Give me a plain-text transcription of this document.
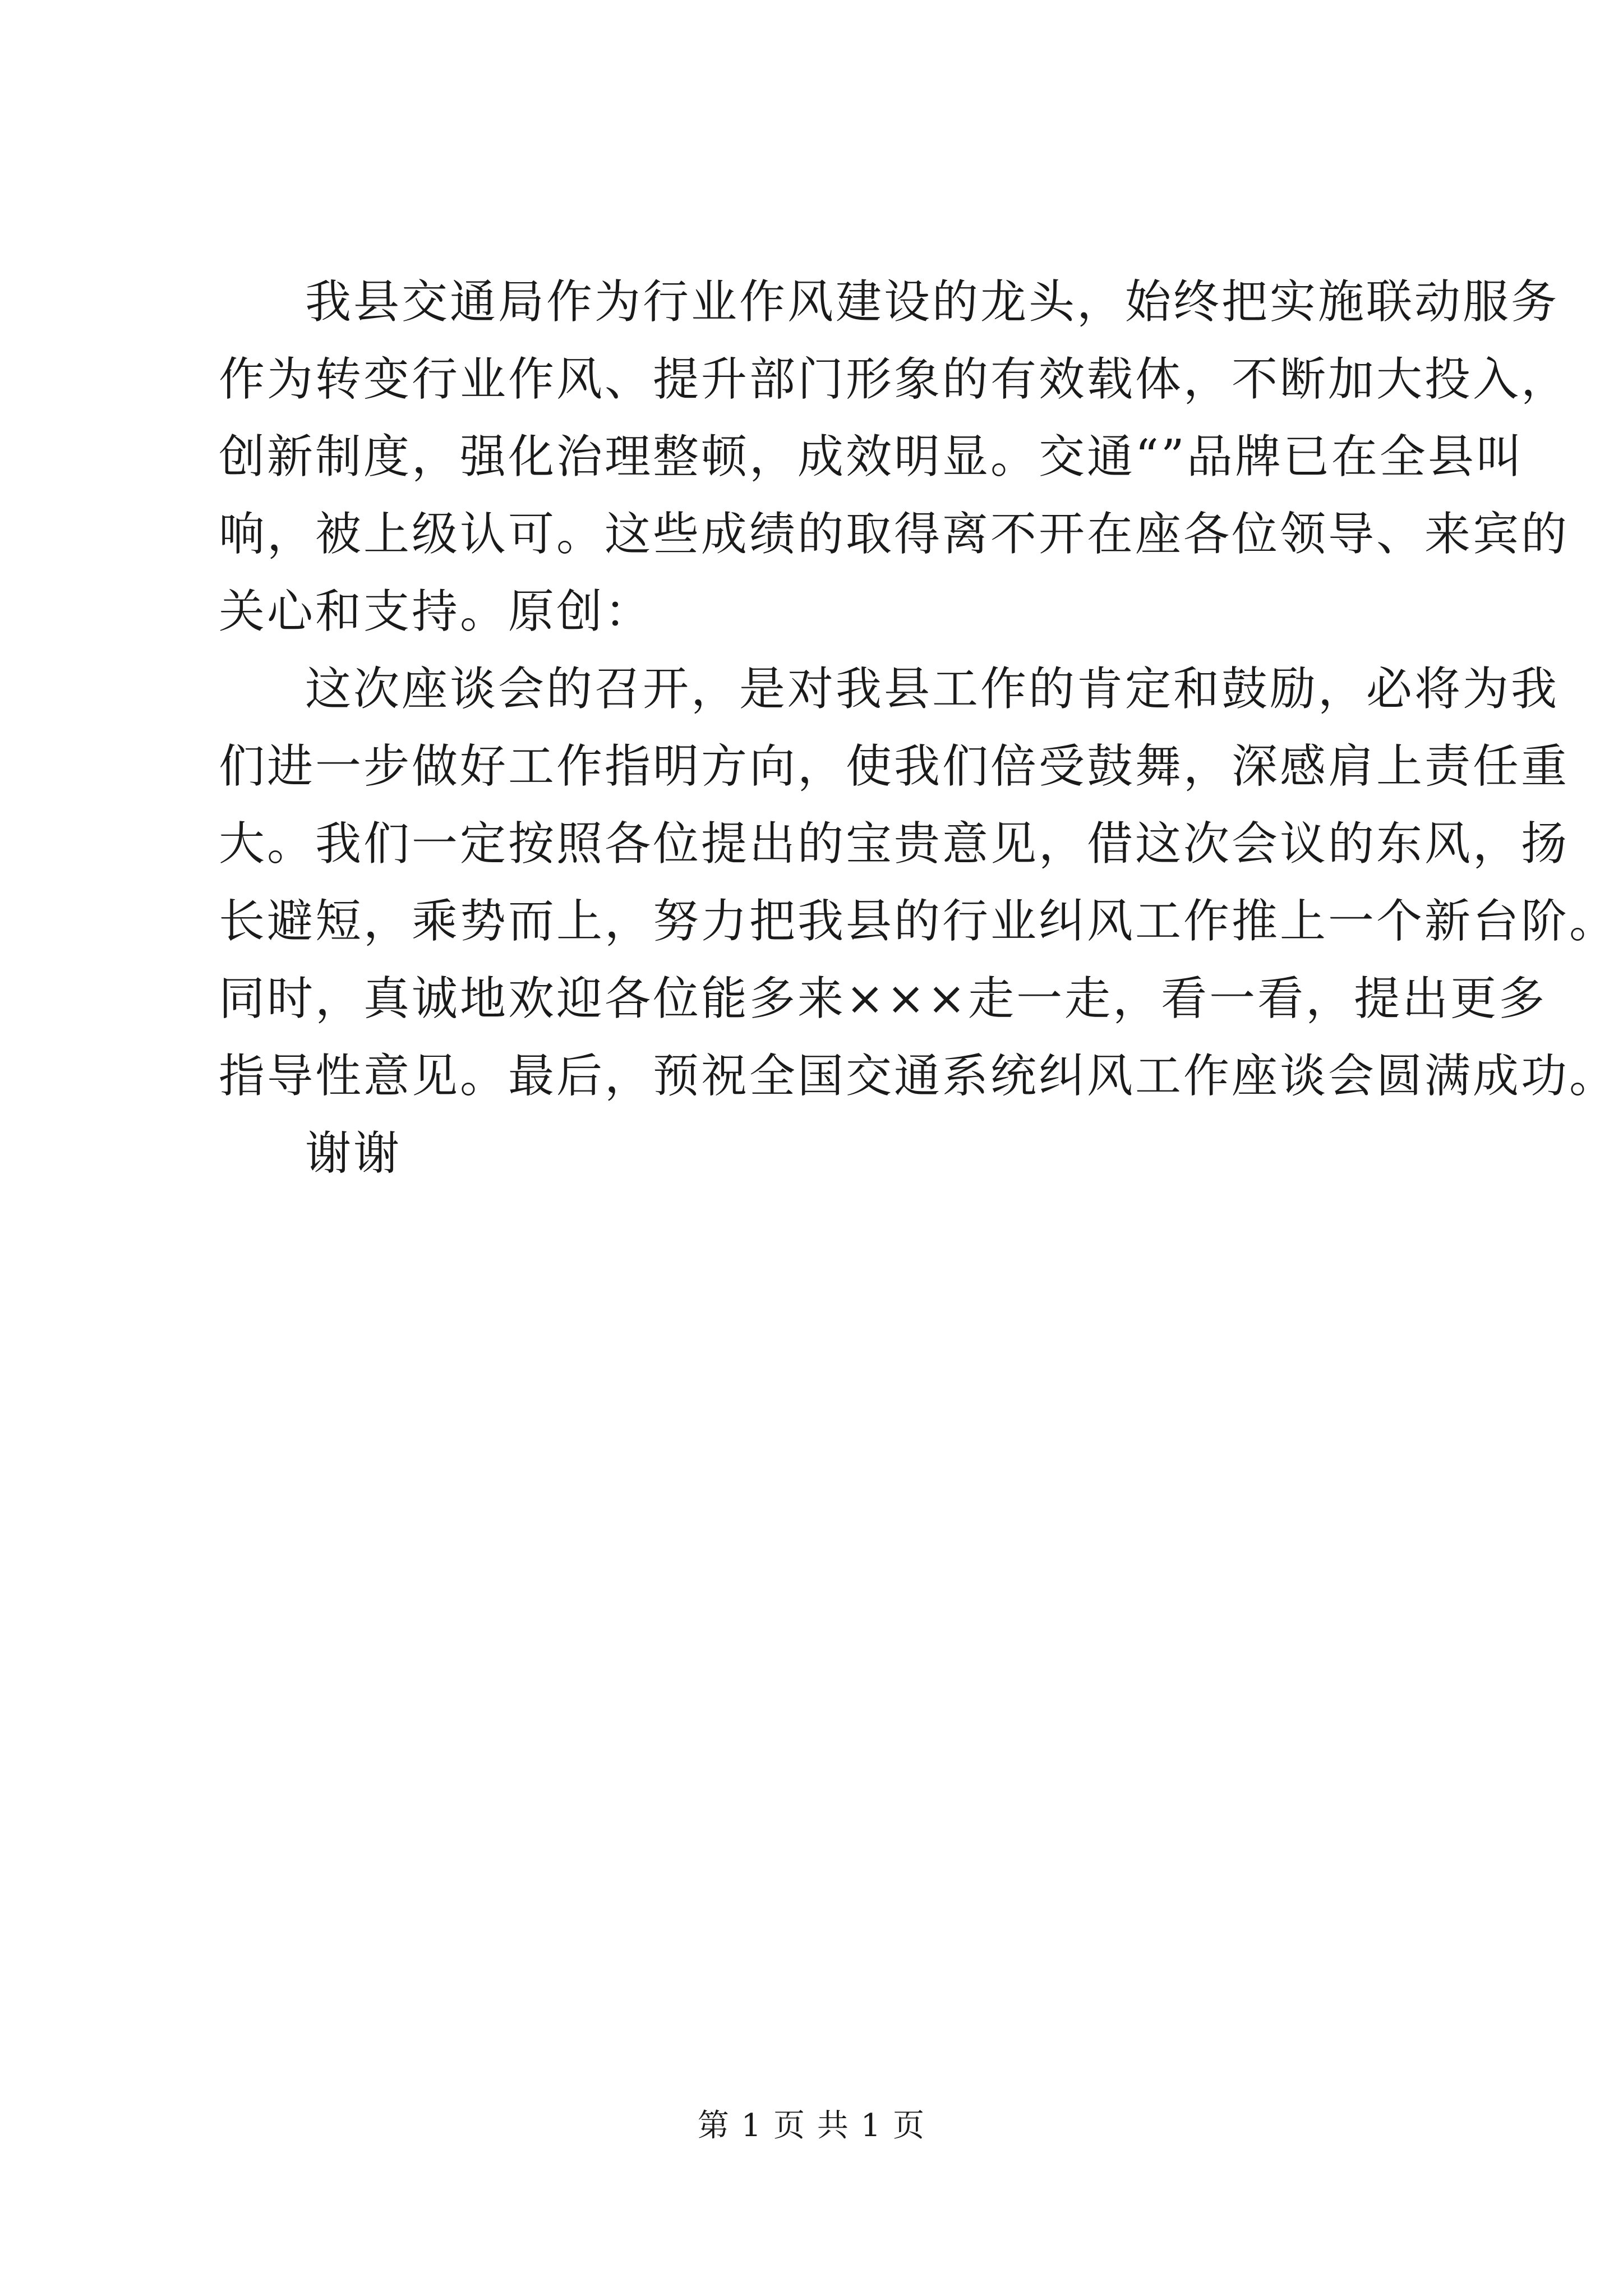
我县交通局作为行业作风建设的龙头，始终把实施联动服务
作为转变行业作风、提升部门形象的有效载体，不断加大投入，
创新制度，强化治理整顿，成效明显。交通“”品牌已在全县叫
响，被上级认可。这些成绩的取得离不开在座各位领导、来宾的
关心和支持。原创：
这次座谈会的召开，是对我县工作的肯定和鼓励，必将为我
们进一步做好工作指明方向，使我们倍受鼓舞，深感肩上责任重
大。我们一定按照各位提出的宝贵意见，借这次会议的东风，扬
长避短，乘势而上，努力把我县的行业纠风工作推上一个新台阶。
同时，真诚地欢迎各位能多来×××走一走，看一看，提出更多
指导性意见。最后，预祝全国交通系统纠风工作座谈会圆满成功。
谢谢
第 1 页 共 1 页
